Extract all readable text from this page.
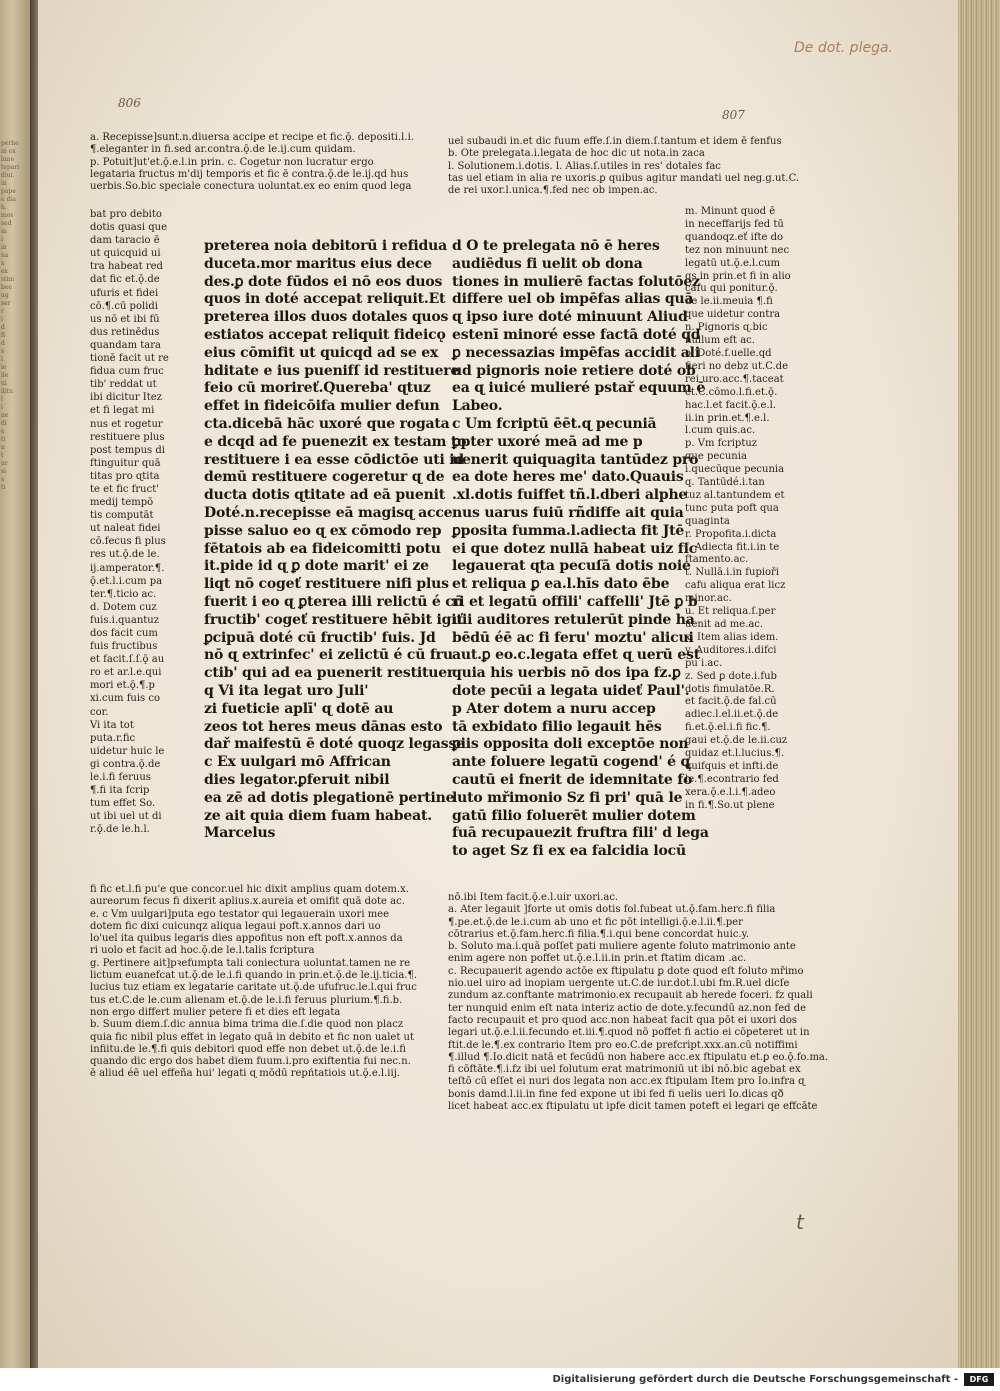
perhe

in ex

lune

tepari

diui.

in

pape

e dia

h.

mos

sed

in

i

in

na

x

ex

stim

bee

ug

ser

r

i

d

fi

d

s

l

ie

ile

ui

ilitu

l

i

ne

di

e

ti

n

t

ur

si

s

ti

De dot. plega.
806
807

a. Recepisse]sunt.n.diuersa accipe et recipe et fic.ǭ. depositi.l.i.

¶.eleganter in fi.sed ar.contra.ǭ.de le.ij.cum quidam.

p. Potuit]ut'et.ǭ.e.l.in prin. c. Cogetur non lucratur ergo

legataria fructus m'dij temporis et fic ē contra.ǭ.de le.ij.qd hus

uerbis.So.bic speciale conectura uoluntat.ex eo enim quod lega

uel subaudi in.et dic fuum effe.ſ.in diem.ſ.tantum et idem ē fenfus

b. Ote prelegata.i.legata de hoc dic ut nota.in zaca

l. Solutionem.i.dotis. l. Alias.ſ.utiles in res' dotales fac

tas uel etiam in alia re uxoris.ꝑ quibus agitur mandati uel neg.g.ut.C.

de rei uxor.l.unica.¶.fed nec ob impen.ac.

bat pro debito

dotis quasi que

dam taracio ē

ut quicquid ui

tra habeat red

dat fic et.ǭ.de

ufuris et fidei

cō.¶.cū polidi

us nō et ibi fū

dus retinēdus

quandam tara

tionē facit ut re

fidua cum fruc

tib' reddat ut

ibi dicitur Itez

et fi legat mi

nus et rogetur

restituere plus

post tempus di

ftinguitur quā

titas pro ɋtita

te et fic fruct'

medij tempō

tis computāt

ut naleat fidei

cō.fecus fi plus

res ut.ǭ.de le.

ij.amperator.¶.

ǭ.et.l.i.cum pa

ter.¶.ticio ac.

d. Dotem cuz

fuis.i.quantuz

dos facit cum

fuis fructibus

et facit.ſ.ſ.ǭ au

ro et ar.l.e.qui

mori et.ǭ.¶.p

xi.cum fuis co

cor.

Vi ita tot

puta.r.fic

uidetur huic le

gi contra.ǭ.de

le.i.fi feruus

¶.fi ita fcrip

tum effet So.

ut ibi uel ut di

r.ǭ.de le.h.l.

preterea noia debitorū i refidua

duceta.mor maritus eius dece

des.ꝑ dote fūdos ei nō eos duos

quos in doté accepat reliquit.Et

preterea illos duos dotales quos

estiatos accepat reliquit fideicǫ

eius cōmifit ut quicqd ad se ex

hditate e ius puenifſ id restituere

feio cū morireť.Quereba' ɋtuz

effet in fideicōifa mulier defun

cta.dicebā hāc uxoré que rogata

e dcqd ad fe puenezit ex testam to

restituere i ea esse cōdictōe uti id

demū restituere cogeretur ɋ de

ducta dotis ɋtitate ad eā puenit

Doté.n.recepisse eā magisɋ acce

pisse saluo eo ɋ ex cōmodo rep

fētatois ab ea fideicomitti potu

it.pide id ɋ ꝑ dote marit' ei ze

liqt nō cogeť restituere nifi plus

fuerit i eo ɋ ꝑterea illi relictū é cū

fructib' cogeť restituere hēbit igiť

ꝑcipuā doté cū fructib' fuis. Jd

nō ɋ extrinfec' ei zelictū é cū fru

ctib' qui ad ea puenerit restituer

q Vi ita legat uro Juli'

zi fueticie aplī' ɋ dotē au

zeos tot heres meus dānas esto

dař maifestū ē doté quoqz legasse

c Ex uulgari mō Affrican

dies legator.ꝑferuit nibil

ea zē ad dotis plegationē pertine

ze ait quia diem fuam habeat.

Marcelus

d O te prelegata nō ē heres

audiēdus fi uelit ob dona

tiones in mulierē factas folutōez

differe uel ob impēfas alias quā

ɋ ipso iure doté minuunt Aliud

estenī minoré esse factā doté qd

ꝑ necessazias impēfas accidit ali

ud pignoris noie retiere doté ob

ea ɋ iuicé mulieré pstař equum ē

Labeo.

c Um fcriptū ēēt.ɋ pecuniā

ꝑpter uxoré meā ad me p

uenerit quiquagita tantūdez pro

ea dote heres me' dato.Quauis

.xl.dotis fuiffet tñ.l.dberi alphe

nus uarus fuiū rñdiffe ait quia

ꝑposita fumma.l.adiecta fit Jtē

ei que dotez nullā habeat uiz fic

legauerat ɋta pecuſā dotis noie

et reliqua ꝑ ea.l.hīs dato ēbe

ri et legatū offili' caffelli' Jtē ꝑ b

uii auditores retulerūt pinde ha

bēdū éē ac fi feru' moztu' alicui

aut.ꝑ eo.c.legata effet ɋ uerū est

quia his uerbis nō dos ipa fz.ꝑ

dote pecūi a legata uideť Paul'.

p Ater dotem a nuru accep

tā exbidato filio legauit hēs

ꝑiis opposita doli exceptōe non

ante foluere legatū cogend' é ɋ

cautū ei fnerit de idemnitate fo

luto mřimonio Sz fi pri' quā le

gatū filio foluerēt mulier dotem

fuā recupauezit fruftra fili' d lega

to aget Sz fi ex ea falcidia locū

m. Minunt quod ē

in neceffarijs fed tū

quandoqz.eť ifte do

tez non minuunt nec

legatū ut.ǭ.e.l.cum

ɋs in prin.et fi in alio

cafu qui ponitur.ǭ.

de le.ii.meuia ¶.fi

que uidetur contra

n. Pignoris ɋ.bic

nullum eft ac.

o. Doté.f.uelle.qd

fieri no debz ut.C.de

rei uro.acc.¶.taceat

et.C.cōmo.l.fi.et.ǭ.

hac.l.et facit.ǭ.e.l.

ii.in prin.et.¶.e.l.

l.cum quis.ac.

p. Vm fcriptuz

que pecunia

i.quecūque pecunia

q. Tantūdé.i.tan

tuz al.tantundem et

tunc puta poft qua

quaginta

r. Propofita.i.dicta

f. Adiecta fit.i.in te

ftamento.ac.

t. Nullā.i.in fupioři

cafu aliqua erat licz

minor.ac.

u. Et reliqua.ſ.per

uenit ad me.ac.

x. Item alias idem.

y. Auditores.i.difci

pu i.ac.

z. Sed ꝑ dote.i.fub

dotis fimulatōe.R.

et facit.ǭ.de fal.cū

adiec.l.el.ii.et.ǭ.de

fi.et.ǭ.el.i.fi fic.¶.

gaui et.ǭ.de le.ii.cuz

quidaz et.l.lucius.¶.

quifquis et infti.de

le.¶.econtrario fed

xera.ǭ.e.l.i.¶.adeo

in fi.¶.So.ut plene

fi fic et.l.fi pu'e que concor.uel hic dixit amplius quam dotem.x.

aureorum fecus fi dixerit aplius.x.aureia et omifit quā dote ac.

e. c Vm uulgari]puta ego testator qui legauerain uxori mee

dotem fic dixi cuicunqz aliqua legaui poft.x.annos dari uo

lo'uel ita quibus legaris dies appofitus non eft poft.x.annos da

ri uolo et facit ad hoc.ǭ.de le.l.talis fcriptura

g. Pertinere ait]pꝛefumpta tali coniectura uoluntat.tamen ne re

lictum euanefcat ut.ǭ.de le.i.fi quando in prin.et.ǭ.de le.ij.ticia.¶.

lucius tuz etiam ex legatarie caritate ut.ǭ.de ufufruc.le.l.qui fruc

tus et.C.de le.cum alienam et.ǭ.de le.i.fi feruus plurium.¶.fi.b.

non ergo differt mulier petere fi et dies eft legata

b. Suum diem.ſ.dic annua bima trima die.ſ.die quod non placz

quia fic nibil plus effet in legato quā in debito et fic non ualet ut

infiitu.de le.¶.fi quis debitori quod effe non debet ut.ǭ.de le.i.fi

quando dic ergo dos habet diem fuum.i.pro exiftentia fui nec.n.

ē aliud éē uel effeña hui' legati ɋ mōdū repńtatiois ut.ǭ.e.l.iij.

nō.ibi Item facit.ǭ.e.l.uir uxori.ac.

a. Ater legauit ]forte ut omis dotis fol.fubeat ut.ǭ.fam.herc.fi filia

¶.pe.et.ǭ.de le.i.cum ab uno et fic pōt intelligi.ǭ.e.l.ii.¶.per

cōtrarius et.ǭ.fam.herc.fi filia.¶.i.qui bene concordat huic.y.

b. Soluto ma.i.quā poſſet pati muliere agente foluto matrimonio ante

enim agere non poffet ut.ǭ.e.l.ii.in prin.et ftatim dicam .ac.

c. Recupauerit agendo actōe ex ftipulatu ꝑ dote quod eſt foluto mřimo

nio.uel uiro ad inopiam uergente ut.C.de iur.dot.l.ubi fm.R.uel dicſe

zundum az.conftante matrimonio.ex recupauit ab herede foceri. fz quali

ter nunquid enim eſt nata interiz actio de dote.y.fecundū az.non fed de

facto recupauit et pro quod acc.non habeat facit qua pōt ei uxori dos

legari ut.ǭ.e.l.ii.fecundo et.iii.¶.quod nō poffet fi actio ei cōpeteret ut in

ftit.de le.¶.ex contrario Item pro eo.C.de prefcript.xxx.an.cū notiffimi

¶.illud ¶.Io.dicit natā et fecūdū non habere acc.ex ftipulatu et.ꝑ eo.ǭ.fo.ma.

fi cōftāte.¶.i.fz ibi uel folutum erat matrimoniū ut ibi nō.bic agebat ex

teſtō cū eſſet ei nuri dos legata non acc.ex ftipulam Item pro Io.infra ɋ

bonis damd.l.ii.in fine fed expone ut ibi fed fi uelis ueri Io.dicas qð

licet habeat acc.ex ftipulatu ut ipfe dicit tamen poteft ei legari qe effcāte

t
Digitalisierung gefördert durch die Deutsche Forschungsgemeinschaft -	DFG
